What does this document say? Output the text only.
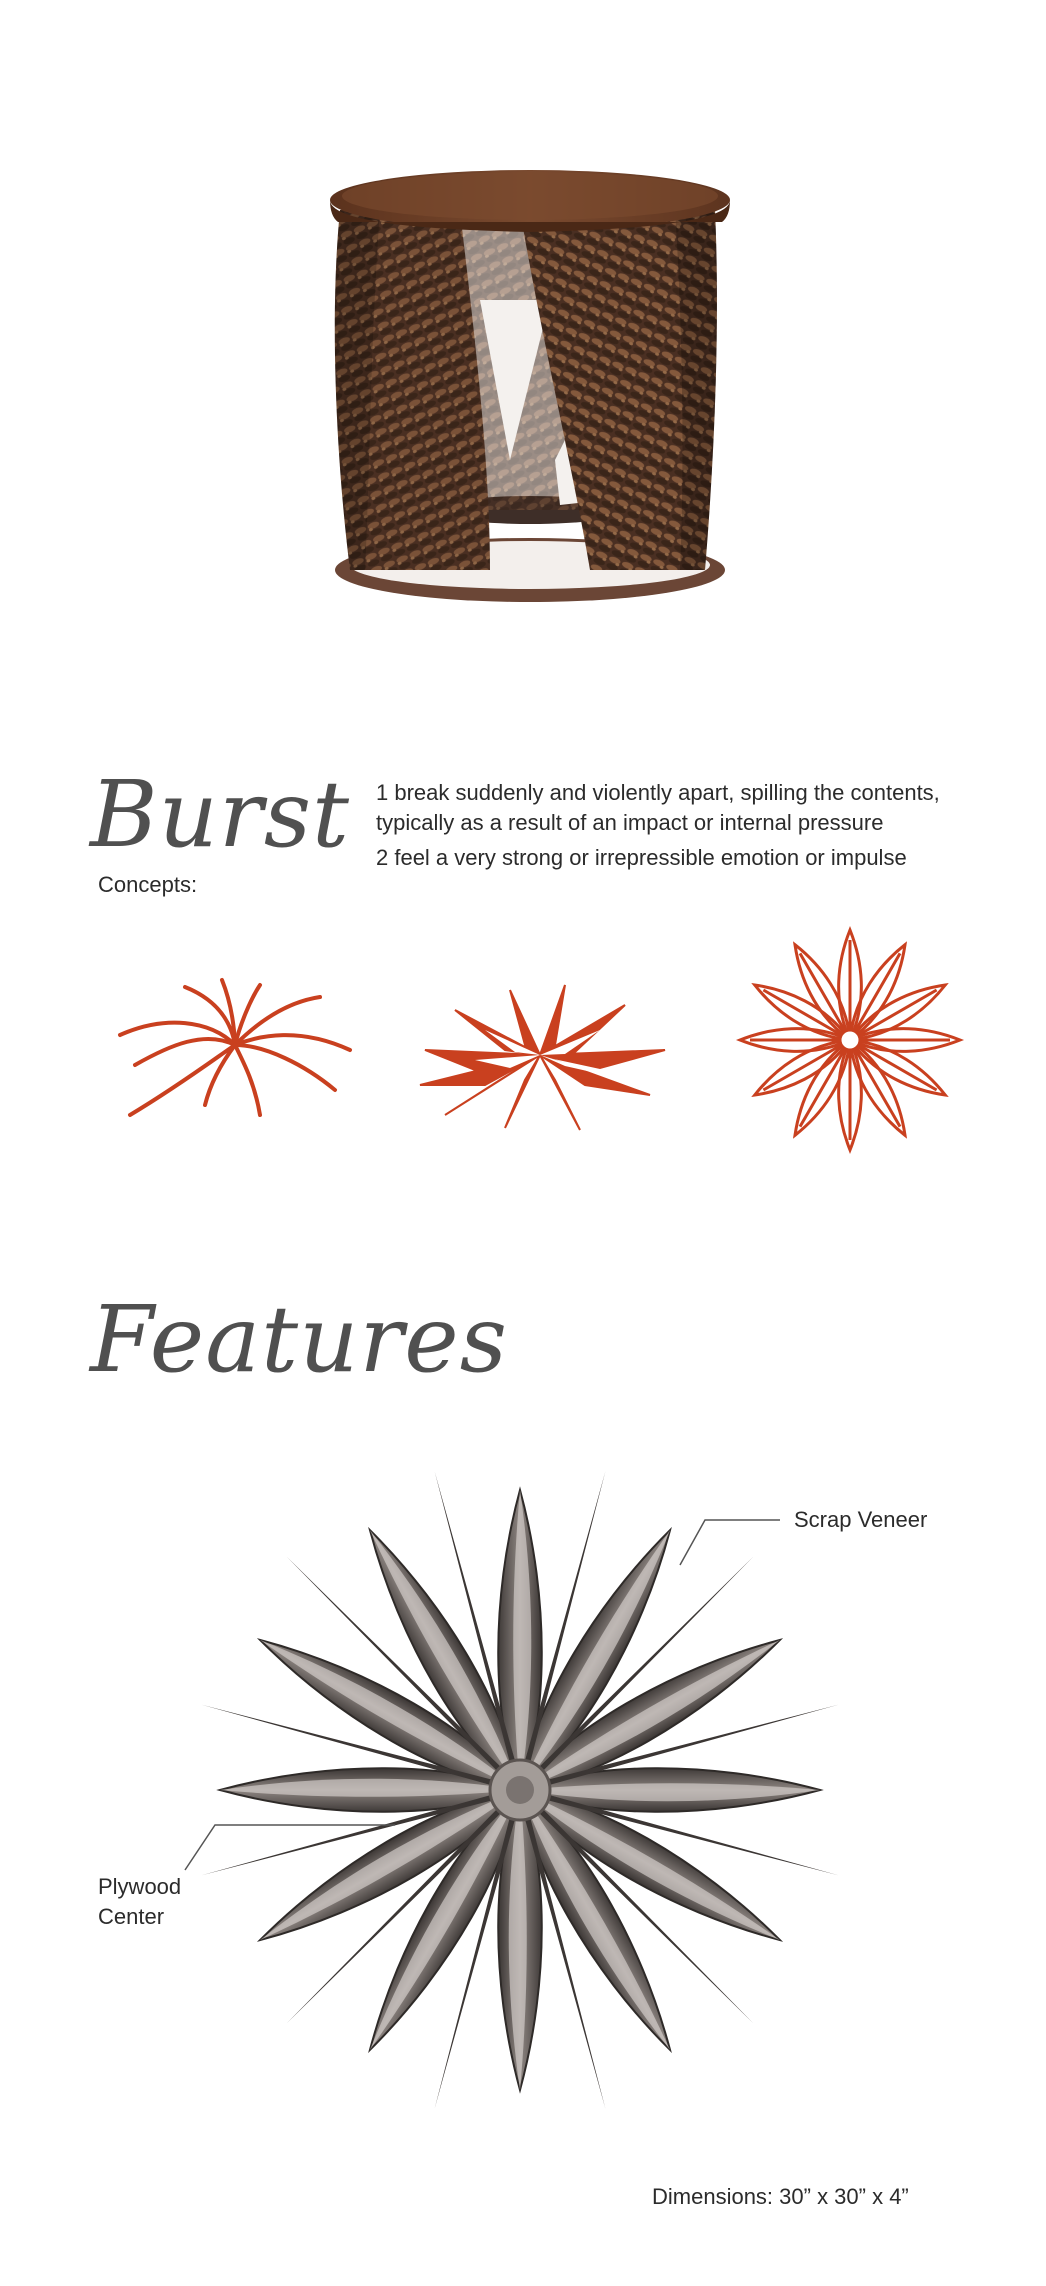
Burst 1 break suddenly and violently apart, spilling the contents, typically as a result of an impact or internal pressure
2 feel a very strong or irrepressible emotion or impulse
Concepts:
Features
Scrap Veneer
Plywood Center
Dimensions: 30” x 30” x 4”
